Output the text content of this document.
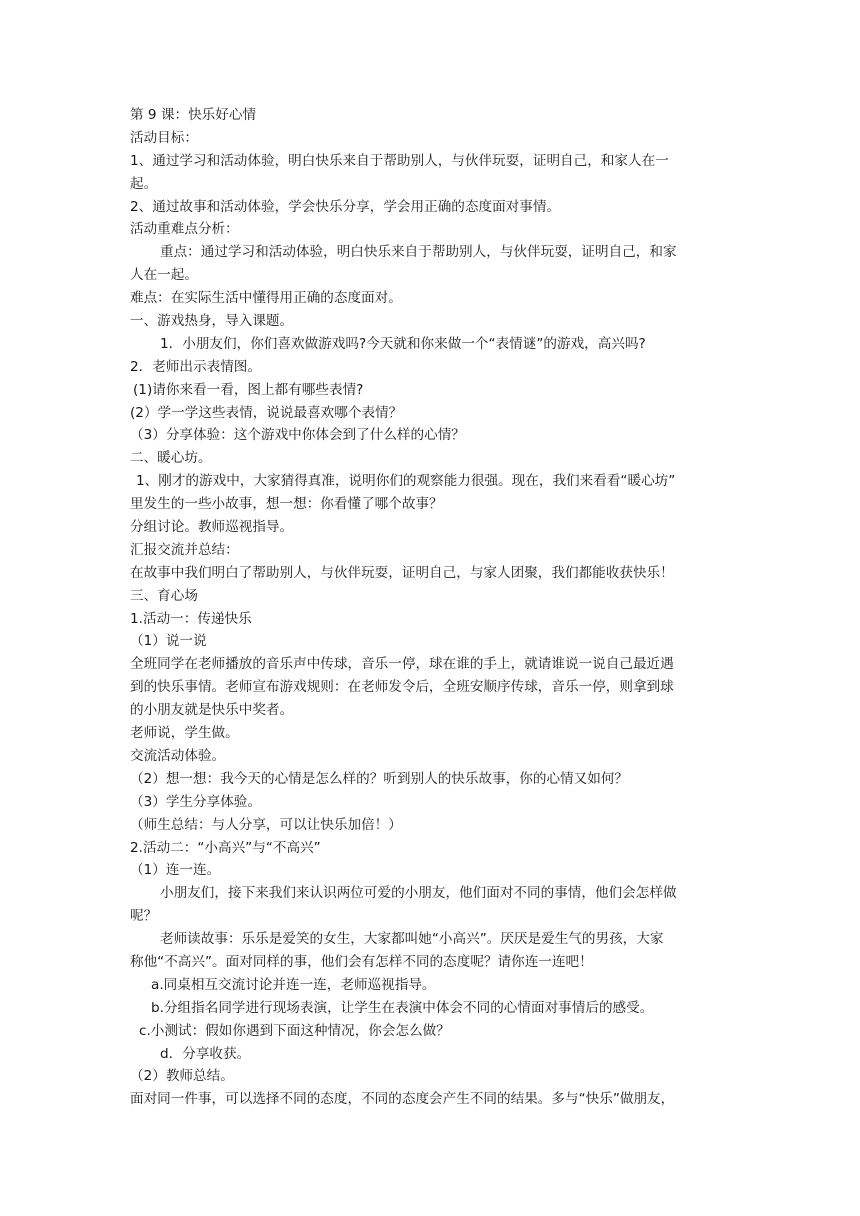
第 9 课：快乐好心情
活动目标：
1、通过学习和活动体验，明白快乐来自于帮助别人，与伙伴玩耍，证明自己，和家人在一
起。
2、通过故事和活动体验，学会快乐分享，学会用正确的态度面对事情。
活动重难点分析：
重点：通过学习和活动体验，明白快乐来自于帮助别人，与伙伴玩耍，证明自己，和家
人在一起。
难点：在实际生活中懂得用正确的态度面对。
一、游戏热身，导入课题。
1．小朋友们，你们喜欢做游戏吗?今天就和你来做一个“表情谜”的游戏，高兴吗?
2．老师出示表情图。
(1)请你来看一看，图上都有哪些表情?
(2）学一学这些表情，说说最喜欢哪个表情？
（3）分享体验：这个游戏中你体会到了什么样的心情？
二、暖心坊。
1、刚才的游戏中，大家猜得真准，说明你们的观察能力很强。现在，我们来看看“暖心坊”
里发生的一些小故事，想一想：你看懂了哪个故事？
分组讨论。教师巡视指导。
汇报交流并总结：
在故事中我们明白了帮助别人，与伙伴玩耍，证明自己，与家人团聚，我们都能收获快乐！
三、育心场
1.活动一：传递快乐
（1）说一说
全班同学在老师播放的音乐声中传球，音乐一停，球在谁的手上，就请谁说一说自己最近遇
到的快乐事情。老师宣布游戏规则：在老师发令后，全班安顺序传球，音乐一停，则拿到球
的小朋友就是快乐中奖者。
老师说，学生做。
交流活动体验。
（2）想一想：我今天的心情是怎么样的？听到别人的快乐故事，你的心情又如何？
（3）学生分享体验。
（师生总结：与人分享，可以让快乐加倍！）
2.活动二：“小高兴”与“不高兴”
（1）连一连。
小朋友们，接下来我们来认识两位可爱的小朋友，他们面对不同的事情，他们会怎样做
呢？
老师读故事：乐乐是爱笑的女生，大家都叫她“小高兴”。厌厌是爱生气的男孩，大家
称他“不高兴”。面对同样的事，他们会有怎样不同的态度呢？请你连一连吧！
a.同桌相互交流讨论并连一连，老师巡视指导。
b.分组指名同学进行现场表演，让学生在表演中体会不同的心情面对事情后的感受。
c.小测试：假如你遇到下面这种情况，你会怎么做？
d．分享收获。
（2）教师总结。
面对同一件事，可以选择不同的态度，不同的态度会产生不同的结果。多与“快乐”做朋友，
